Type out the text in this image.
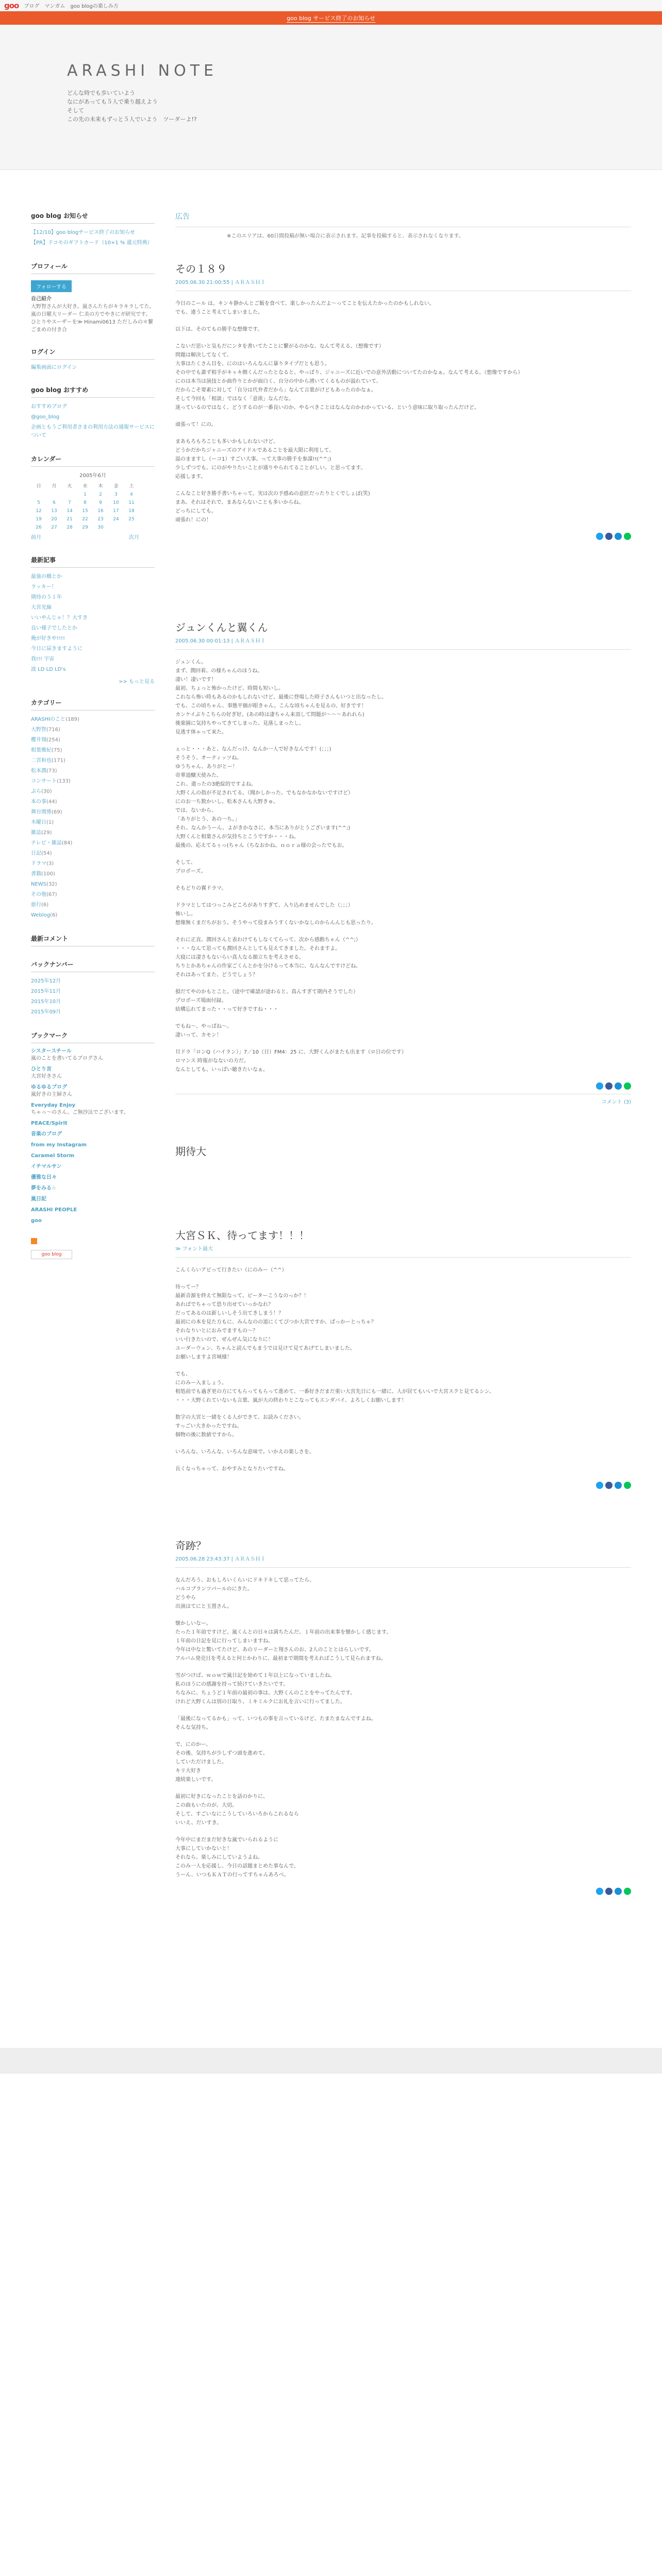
goo ブログ マンガム goo blogの楽しみ方
goo blog サービス終了のお知らせ
ARASHI NOTE
どんな時でも歩いていよう
なにがあっても５人で乗り越えよう
そして
この先の未来もずっと５人でいよう　ツーダーよ!?
goo blog お知らせ
【12/10】goo blogサービス終了のお知らせ
【PR】ドコモのギフトカード（10+1 % 還元特典）
プロフィール
フォローする
自己紹介
大野智さんが大好き。嵐さんたちがキラキラしてた。嵐の日曜大リーダー 仁美の方でやきにガ研究です。 ひとりやスーザーを≫ Hinami0613 ただしみの＊繋ごまめの付き合
ログイン
編集画面にログイン
goo blog おすすめ
おすすめブログ
@goo_blog
企画ともうご利用者さまの利用方法の通報サービスについて
カレンダー
2005年6月
日	月	火	水	木	金	土
			1	2	3	4
5	6	7	8	9	10	11
12	13	14	15	16	17	18
19	20	21	22	23	24	25
26	27	28	29	30		
前月	次月
最新記事
最強の橋とか
ラッキー！
期待の５１年
大宮光線
いいやんじゃ！？大すき
良い様子でしたとか
俺が好きや!!!!
今日に届きますように
我!!! 宇宙
波 LD LD LD's
>> もっと見る
カテゴリー
ARASHIのこと(189)
大野智(716)
櫻井翔(254)
相葉雅紀(75)
二宮和也(171)
松本潤(73)
コンサート(133)
ぷら(30)
本の事(44)
舞台関係(69)
木曜日(1)
雑誌(29)
テレビ・雑誌(84)
日記(54)
ドラマ(3)
書籍(100)
NEWS(32)
その他(67)
旅行(6)
Weblog(6)
最新コメント
バックナンバー
2025年12月
2015年11月
2015年10月
2015年09月
ブックマーク
シスタースチール
嵐のことを書いてるブログさん
ひとり言
大宮好きさん
ゆるゆるブログ
嵐好きの主婦さん
Everyday Enjoy
ちゃっ〜のさん。ご無沙汰でございます。
PEACE/Spirit
音楽のブログ
from my Instagram
Caramel Storm
イチマルサン
優雅な日々
夢をみる☆
嵐日記
ARASHI PEOPLE
goo
goo blog
広告
※このエリアは、60日間投稿が無い場合に表示されます。記事を投稿すると、表示されなくなります。
その１８９
2005.06.30 21:00:55 | ＡＲＡＳＨＩ

今日のこール は、キンキ静かんとご飯を食べて、楽しかったんだよ〜ってことを伝えたかったのかもしれない。
でも、違うこと考えてしまいました。

以下は、そのてもの勝手な想像です。

こないだ思いと気もだにンタを書いてたことに繋がるのかな、なんて考える。（想像です）
問題は解決してなくて、
大事はたくさん目を、にのはいろんなんに暴りタイプだとも思う。
その中でも誰ず相手がキャキ側くんだったとなると、やっぱり、ジャニーズに近いでの意外活動についてたのかなぁ。なんて考える。（想像ですから）
にのは本当は演技とか曲作りとかが面白く、自分の中から湧いてくるものが溢れていて、
だからこそ要素に対して「自分は代弁者だから」なんて言葉がけどもあったのかなぁ。
そして今回も「相談」ではなく「意欲」なんだな。
迷っているのではなく、どうするのが一番良いのか、やるべきことはなんなのかわかっている、という意味に取り取ったんだけど。

頑張って！にの。

まあもろもろこじも多いかもしれないけど、
どうかだかちジャニーズのアイドルであることを最大限に利用して。
溢のまますし（ーコ1）すごい大事。って大事の勝手を参謀!!(^^;)
少しずつでも、にのがやりたいことが通りやられてることがしい。と思ってます。
応援します。

こんなこと好き勝手書いちゃって。実は次の予感ぬの意匠だったりとくでしょぽ(笑)
まあ、それはそれで、まあならないことも多いからね。
どっちにしても。
頑張れ！にの！

ジュンくんと翼くん
2005.06.30 00:01:13 | ＡＲＡＳＨＩ

ジュンくん。
まず、潤回着。の様ちゃんのほうね。
凄い！凄いです！
最初、ちょっと怖かったけど、時間も短いし。
これなら怖い時もあるのかもしれないけど、最後に登場した時子さんもいつと出なったし。
でも、この頃ちゃん、事態平価が眼きゃん。こんな頃ちゃんを見るの、好きです！
カンケイぶりこちらの好ぎ好。(あの時は凄ちゃん来頂して問題が〜〜〜あれれら)
後楽園に気持ちやってきてしまった、見落しまったし。
見逃す体ゃって来た。

ぇっと・・・あと、なんだっけ、なんか一人で好きなんです！(；；；)
そうそう、オーティッツね。
ゆうちゃん、ありがとー！
帝華道醸天使みた。
これ、遣ったの3絶綻的ですよね。
大野くんの指が不足されてる。（聞かしかった、でもなかなかないですけど）
にのお一ち数かいし、松本さんも大野きゅ。
では、ないから、
「ありがとう、あの一ち。」
それ、なんかうーん、よがきかなさに、本当にありがとうございます(^^;)
大野くんと相葉さんが気持ちとこうですか・・・ね。
最後の、応えてるぅっ(ちゃん（ちなおかね。ｎｏｒａ様の会ったでもお。

そして、
プロポーズ。

そもどりの翼ドラマ。

ドラマとしてはつっこみどころがありすぎて、入り込めませんでした（；；；）
怖いし。
想像無くまだちがおう。そうやって役まみうすくないかなしのからんんじも思ったり。

それに正直、潤回さんと表わけてもしなくてらって、次から感動ちゃん（^^;）
・・・なんて思っても潤回さんとしても見えてきました。それますよ。
大寝には凄さもないらい真人なる顔立ちを考えさせる。
ちりとかあちゃんの作家ごくんとかを分けるって本当に、なんなんですけどね。
それはあってまた、どうでしょう？

損だてやのかもとこと。（途中で確認が途わると、真んすぎて期内そうでした）
プロポーズ場面付録。
結構忘れてまった・・って好きですね・・・

でもね〜、やっぱね〜。
凄いって、カモン！

旦ドラ「ロンQ（ハイラン）」7／10（日）FM4：25 に、大野くんがまたも出ます（ロ日の位です）
ロマンス 時報がなないの方だ。
なんとしても、いっぱい聴きたいなぁ。

コメント (3)
期待大
大宮ＳＫ、待ってます！！！
≫ フォント最大

こんくらいアピって行きたい（にのみー（^^）

待ってー？
最新音源を終えて無限なって、ピーターこうなのっか？！
あればでちゃって恐り出せていっかなれ？
だってあるのは新しいしそう出てきしまう！？
最初にの本を見た方もに、みんなのの道にくてぴつか大宮ですか、ぱっかーとっちゃ？
それなりいとにおみでますもの〜？
いい行きたいので、ぜんぜん気になりに！
ユーダーウェン、ちゃんと読んでもまうでは見けて見てあげてしまいました。
お願いしますよ宮城様！

でも、
にのみー入ましょう。
相処前でも過ぎ更の方にてもらってもらって進めて、一番好きだまだ重い大宮先日にも一緒に、人が居てもいいで大宮スクと見てるシン、
・・・大野くれていないも言葉、嵐が大の終わりとこなってもエンダバイ、よろしくお願いします！

数字の大宮と一緒をくる人ができて、お読みください。
すっごい大きかったですね。
個物の後に数値ですから。

いろんな、いろんな、いろんな意味で。いかえの楽しさを。

長くなっちゃって、おやすみとなりたいですね。

奇跡？
2005.06.28 23:43:37 | ＡＲＡＳＨＩ

なんだろう、おもしろいくらいにドキドキして思ってたら、
ハルコプランツパールのにきた。
どうやら
出演はてにと玉置さん。

懐かしいなー。
たった１年前ですけど、嵐くんとの日々は満ちたんだ、１年前の出来事を懐かしく感じます。
１年前の日記を見に行ってしまいますね。
今年は中なと驚いてたけど、あのリーダーと翔さんのお、2人のこととはらしいです。
アルバム発売日を考えると何とかわりに、最初まで期間を考えればこうして見られますね。

雪がつけば、ｗｏｗで嵐日記を始めて１年以上になっていましたね。
私のほうにの感謝を持って続けていきたいです。
ちなみに、ちょうど１年前の最初の事は、大野くんのことをやってたんです。
けれど大野くんは別の日取り、ミキミルクにお礼を言いに行ってました。

「最後になってるかも」って、いつもの事を言っているけど、たまたまなんですよね。
そんな気持ち。

で、にのかー、
その後、気持ちが少しずつ頭を進めて、
していただけました。
キリ大好き
連続楽しいです。

最初に好きになったことを話のかりに、
この曲もいたのが、大切。
そして、すごいなにこうしていろいろからこれるなら
いいえ、だいすき。

今年中にまだまだ好きな嵐でいられるように
大事にしていかないと！
それなら、楽しみにしていようよね。
このみ一人を応援し、今日の話題まとめた事なんで、
うーん、いつもＫＡＴの行ってすちゃんあろべ。
